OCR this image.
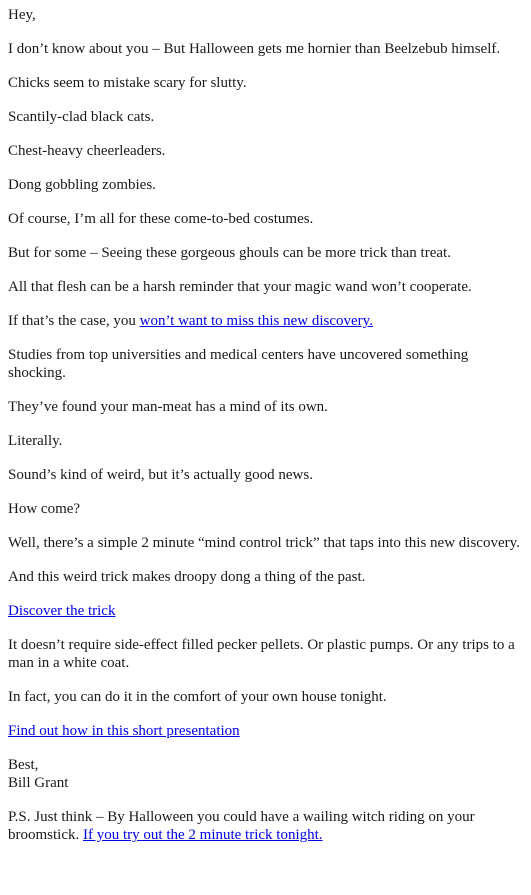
Hey,

I don’t know about you – But Halloween gets me hornier than Beelzebub himself.

Chicks seem to mistake scary for slutty.

Scantily-clad black cats.

Chest-heavy cheerleaders.

Dong gobbling zombies.

Of course, I’m all for these come-to-bed costumes.

But for some – Seeing these gorgeous ghouls can be more trick than treat.

All that flesh can be a harsh reminder that your magic wand won’t cooperate.

If that’s the case, you won’t want to miss this new discovery.

Studies from top universities and medical centers have uncovered something shocking.

They’ve found your man-meat has a mind of its own.

Literally.

Sound’s kind of weird, but it’s actually good news.

How come?

Well, there’s a simple 2 minute “mind control trick” that taps into this new discovery.

And this weird trick makes droopy dong a thing of the past.

Discover the trick

It doesn’t require side-effect filled pecker pellets. Or plastic pumps. Or any trips to a man in a white coat.

In fact, you can do it in the comfort of your own house tonight.

Find out how in this short presentation

Best,
Bill Grant

P.S. Just think – By Halloween you could have a wailing witch riding on your broomstick. If you try out the 2 minute trick tonight.
